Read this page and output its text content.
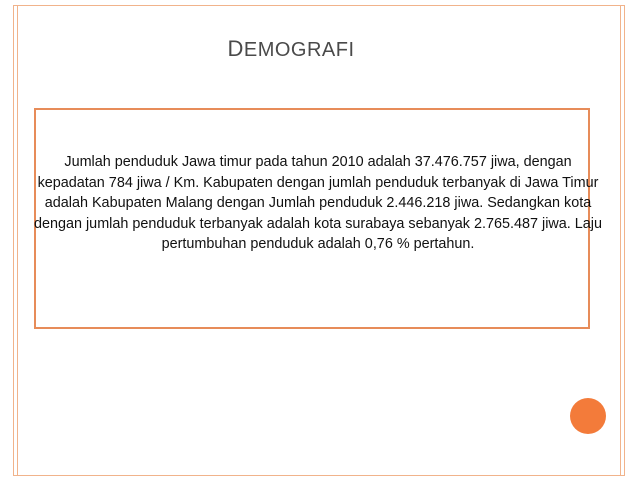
DEMOGRAFI
Jumlah penduduk Jawa timur pada tahun 2010 adalah 37.476.757 jiwa, dengan kepadatan 784 jiwa / Km. Kabupaten dengan jumlah penduduk terbanyak di Jawa Timur adalah Kabupaten Malang dengan Jumlah penduduk 2.446.218 jiwa. Sedangkan kota dengan jumlah penduduk terbanyak adalah kota surabaya sebanyak 2.765.487 jiwa. Laju pertumbuhan penduduk adalah 0,76 % pertahun.
